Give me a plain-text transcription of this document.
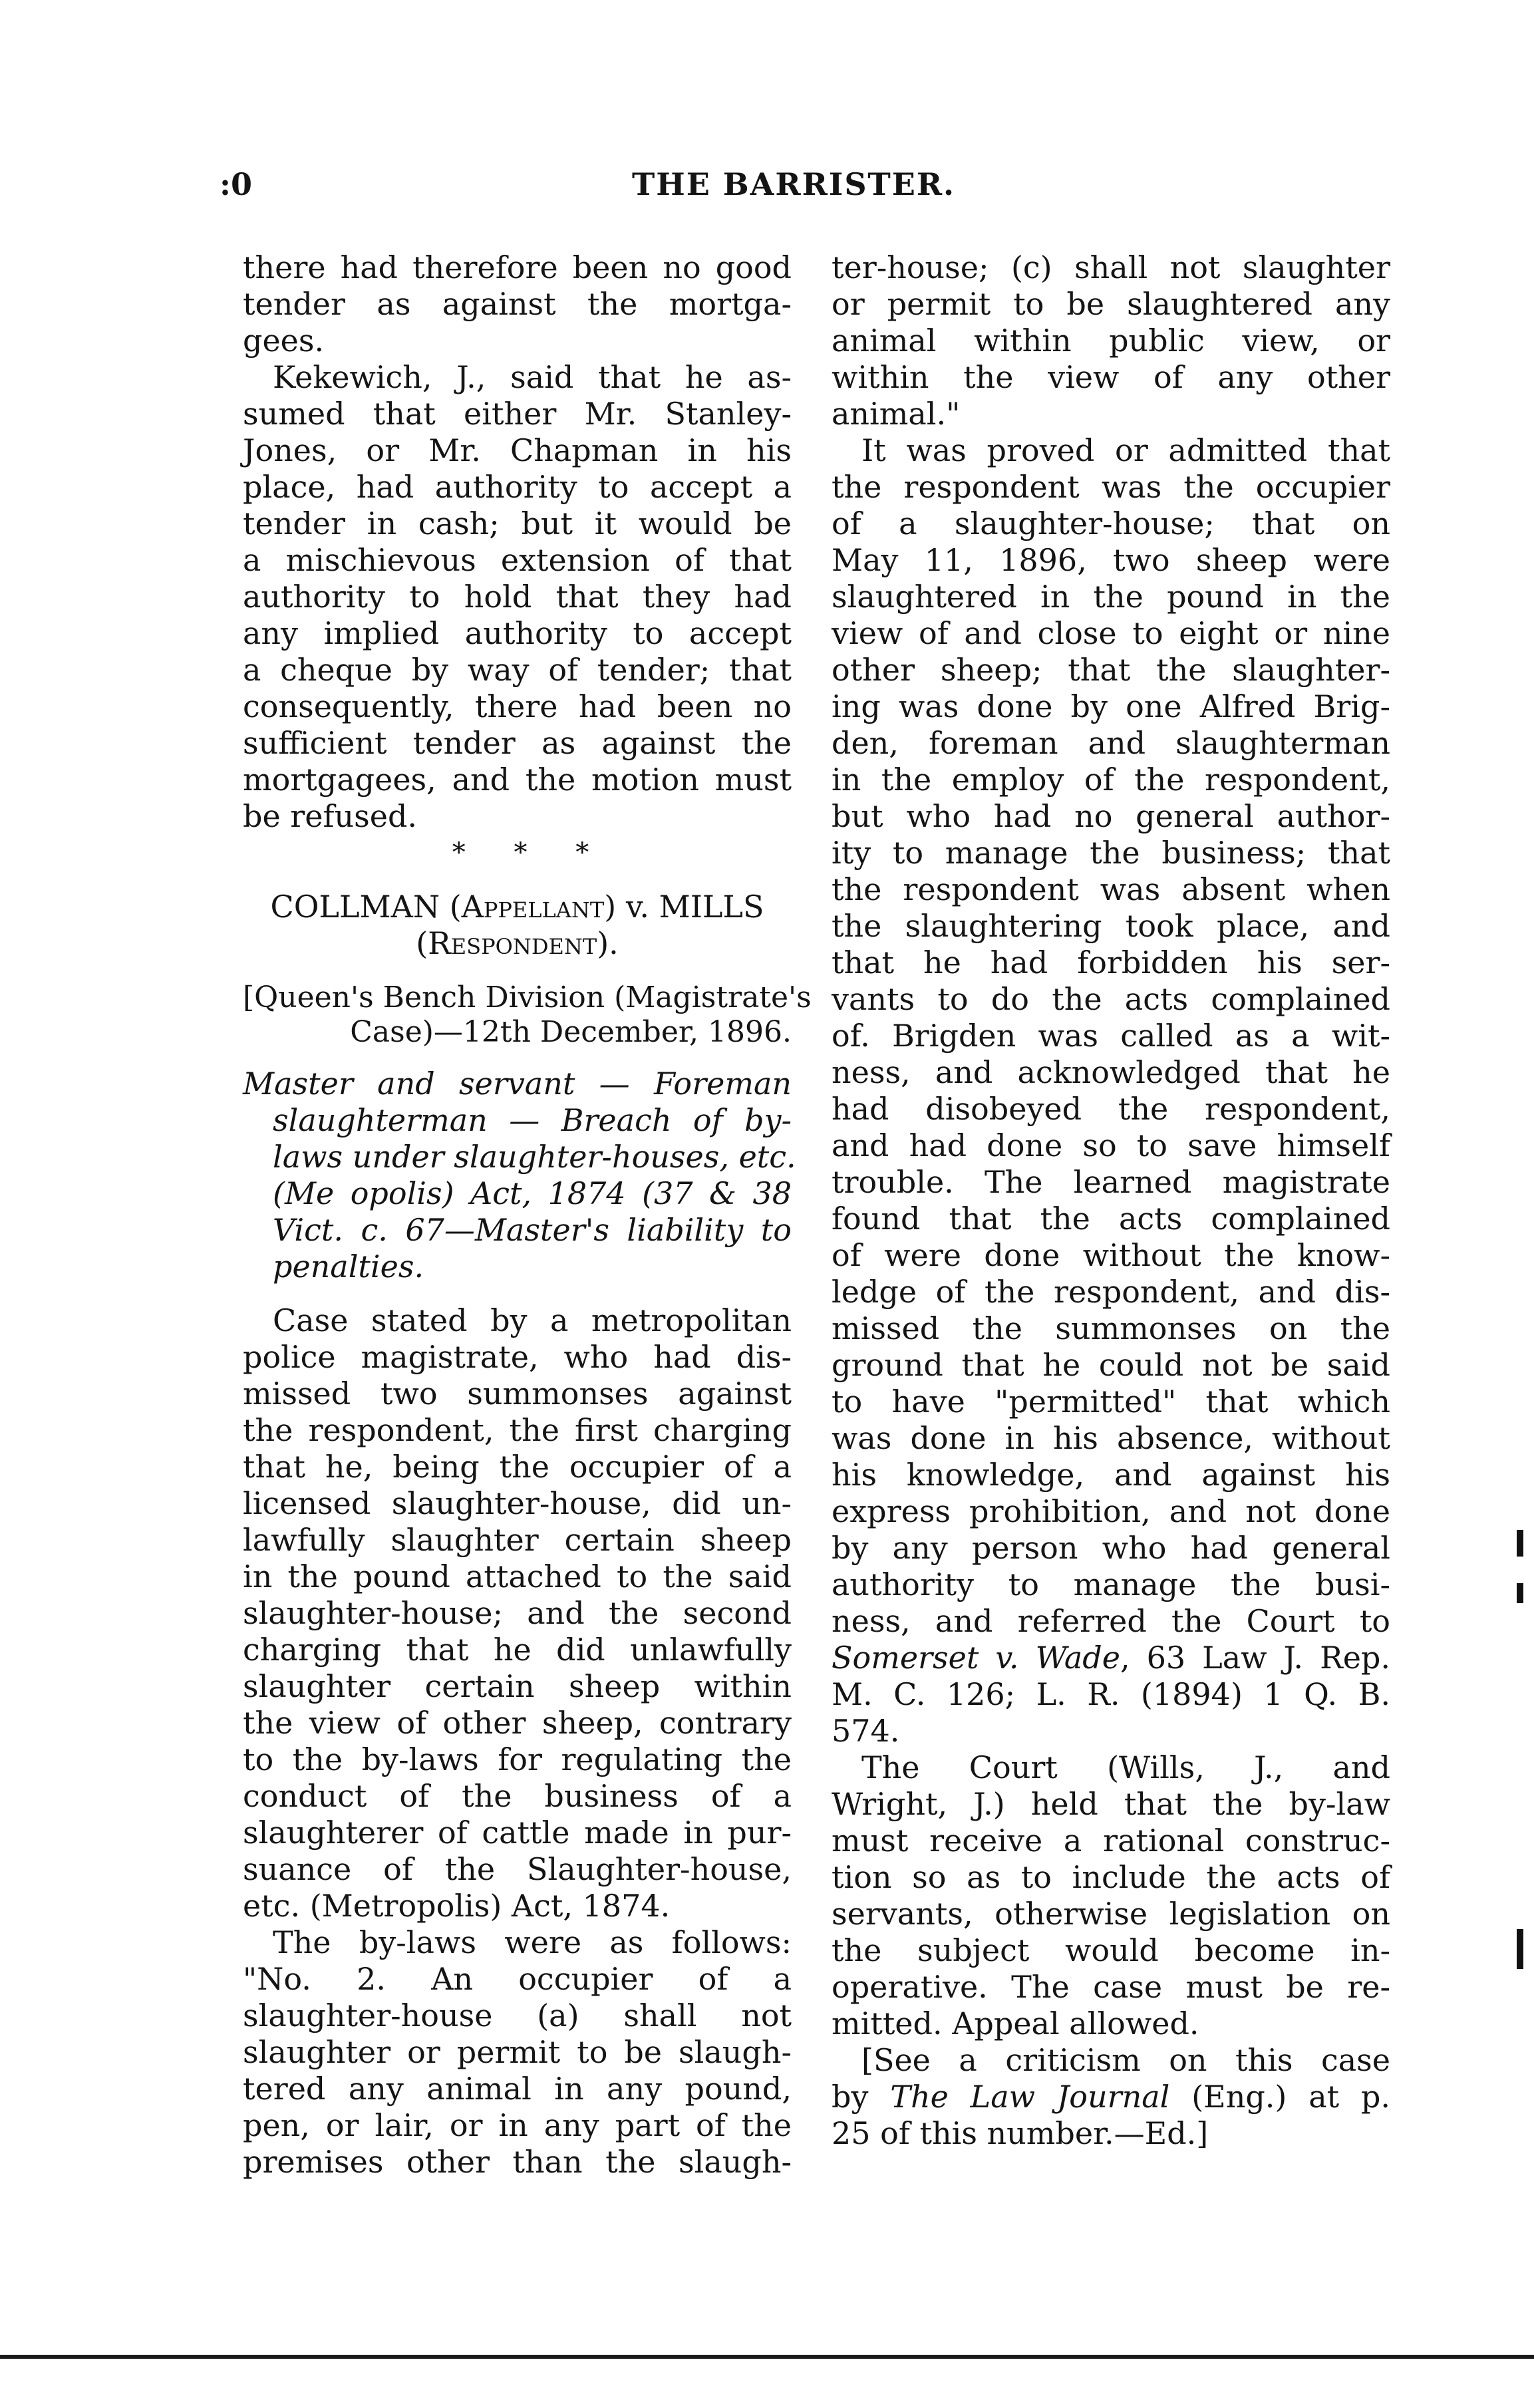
:0	THE BARRISTER.
there had therefore been no good
tender as against the mortga-
gees.
Kekewich, J., said that he as-
sumed that either Mr. Stanley-
Jones, or Mr. Chapman in his
place, had authority to accept a
tender in cash; but it would be
a mischievous extension of that
authority to hold that they had
any implied authority to accept
a cheque by way of tender; that
consequently, there had been no
sufficient tender as against the
mortgagees, and the motion must
be refused.
* * *
COLLMAN (Appellant) v. MILLS
(Respondent).
[Queen's Bench Division (Magistrate's
Case)—12th December, 1896.
Master and servant — Foreman
slaughterman — Breach of by-
laws under slaughter-houses, etc.
(Me opolis) Act, 1874 (37 & 38
Vict. c. 67—Master's liability to
penalties.
Case stated by a metropolitan
police magistrate, who had dis-
missed two summonses against
the respondent, the first charging
that he, being the occupier of a
licensed slaughter-house, did un-
lawfully slaughter certain sheep
in the pound attached to the said
slaughter-house; and the second
charging that he did unlawfully
slaughter certain sheep within
the view of other sheep, contrary
to the by-laws for regulating the
conduct of the business of a
slaughterer of cattle made in pur-
suance of the Slaughter-house,
etc. (Metropolis) Act, 1874.
The by-laws were as follows:
"No. 2. An occupier of a
slaughter-house (a) shall not
slaughter or permit to be slaugh-
tered any animal in any pound,
pen, or lair, or in any part of the
premises other than the slaugh-
ter-house; (c) shall not slaughter
or permit to be slaughtered any
animal within public view, or
within the view of any other
animal."
It was proved or admitted that
the respondent was the occupier
of a slaughter-house; that on
May 11, 1896, two sheep were
slaughtered in the pound in the
view of and close to eight or nine
other sheep; that the slaughter-
ing was done by one Alfred Brig-
den, foreman and slaughterman
in the employ of the respondent,
but who had no general author-
ity to manage the business; that
the respondent was absent when
the slaughtering took place, and
that he had forbidden his ser-
vants to do the acts complained
of. Brigden was called as a wit-
ness, and acknowledged that he
had disobeyed the respondent,
and had done so to save himself
trouble. The learned magistrate
found that the acts complained
of were done without the know-
ledge of the respondent, and dis-
missed the summonses on the
ground that he could not be said
to have "permitted" that which
was done in his absence, without
his knowledge, and against his
express prohibition, and not done
by any person who had general
authority to manage the busi-
ness, and referred the Court to
Somerset v. Wade, 63 Law J. Rep.
M. C. 126; L. R. (1894) 1 Q. B.
574.
The Court (Wills, J., and
Wright, J.) held that the by-law
must receive a rational construc-
tion so as to include the acts of
servants, otherwise legislation on
the subject would become in-
operative. The case must be re-
mitted. Appeal allowed.
[See a criticism on this case
by The Law Journal (Eng.) at p.
25 of this number.—Ed.]
